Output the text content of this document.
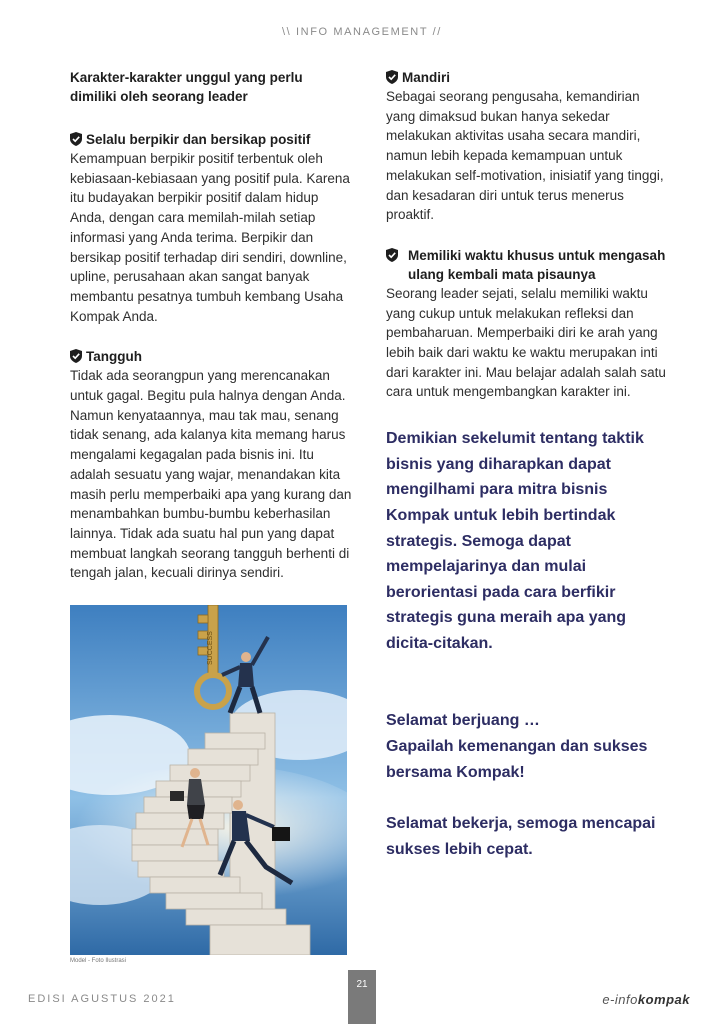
\\ INFO MANAGEMENT //
Karakter-karakter unggul yang perlu dimiliki oleh seorang leader
Selalu berpikir dan bersikap positif
Kemampuan berpikir positif terbentuk oleh kebiasaan-kebiasaan yang positif pula. Karena itu budayakan berpikir positif dalam hidup Anda, dengan cara memilah-milah setiap informasi yang Anda terima. Berpikir dan bersikap positif terhadap diri sendiri, downline, upline, perusahaan akan sangat banyak membantu pesatnya tumbuh kembang Usaha Kompak Anda.
Tangguh
Tidak ada seorangpun yang merencanakan untuk gagal. Begitu pula halnya dengan Anda. Namun kenyataannya, mau tak mau, senang tidak senang, ada kalanya kita memang harus mengalami kegagalan pada bisnis ini. Itu adalah sesuatu yang wajar, menandakan kita masih perlu memperbaiki apa yang kurang dan menambahkan bumbu-bumbu keberhasilan lainnya. Tidak ada suatu hal pun yang dapat membuat langkah seorang tangguh berhenti di tengah jalan, kecuali dirinya sendiri.
SUCCESS
Model - Foto Ilustrasi
Mandiri
Sebagai seorang pengusaha, kemandirian yang dimaksud bukan hanya sekedar melakukan aktivitas usaha secara mandiri, namun lebih kepada kemampuan untuk melakukan self-motivation, inisiatif yang tinggi, dan kesadaran diri untuk terus menerus proaktif.
Memiliki waktu khusus untuk mengasah ulang kembali mata pisaunya
Seorang leader sejati, selalu memiliki waktu yang cukup untuk melakukan refleksi dan pembaharuan. Memperbaiki diri ke arah yang lebih baik dari waktu ke waktu merupakan inti dari karakter ini. Mau belajar adalah salah satu cara untuk mengembangkan karakter ini.

Demikian sekelumit tentang taktik bisnis yang diharapkan dapat mengilhami para mitra bisnis Kompak untuk lebih bertindak strategis. Semoga dapat mempelajarinya dan mulai berorientasi pada cara berfikir strategis guna meraih apa yang dicita-citakan.

Selamat berjuang …

Gapailah kemenangan dan sukses bersama Kompak!

Selamat bekerja, semoga mencapai sukses lebih cepat.

EDISI AGUSTUS 2021
21
e-infokompak
